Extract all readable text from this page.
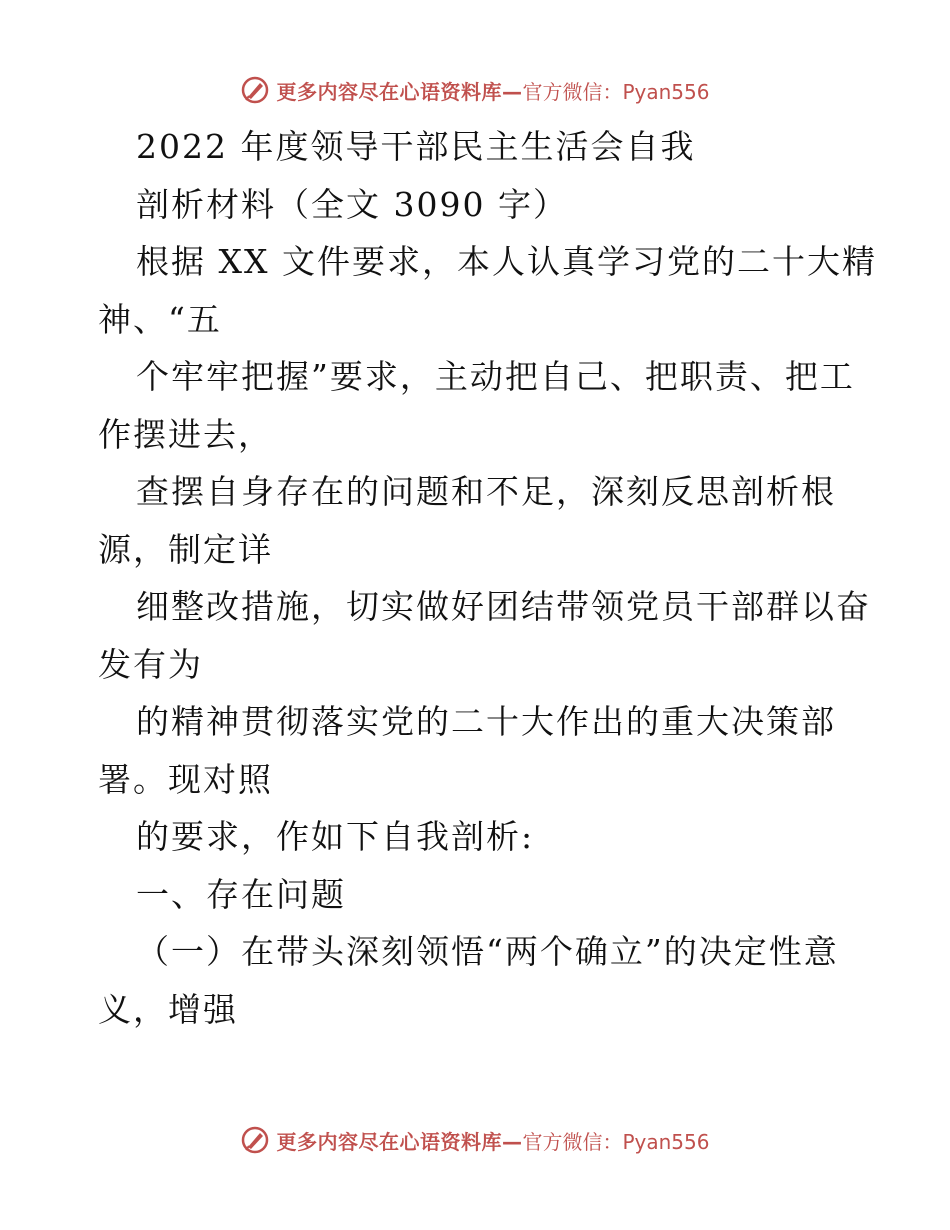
更多内容尽在心语资料库— 官方微信：Pyan556
2022 年度领导干部民主生活会自我
剖析材料（全文 3090 字）
根据 XX 文件要求，本人认真学习党的二十大精
神、“五
个牢牢把握”要求，主动把自己、把职责、把工
作摆进去，
查摆自身存在的问题和不足，深刻反思剖析根
源，制定详
细整改措施，切实做好团结带领党员干部群以奋
发有为
的精神贯彻落实党的二十大作出的重大决策部
署。现对照
的要求，作如下自我剖析:
一、存在问题
（一）在带头深刻领悟“两个确立”的决定性意
义，增强
更多内容尽在心语资料库— 官方微信：Pyan556
